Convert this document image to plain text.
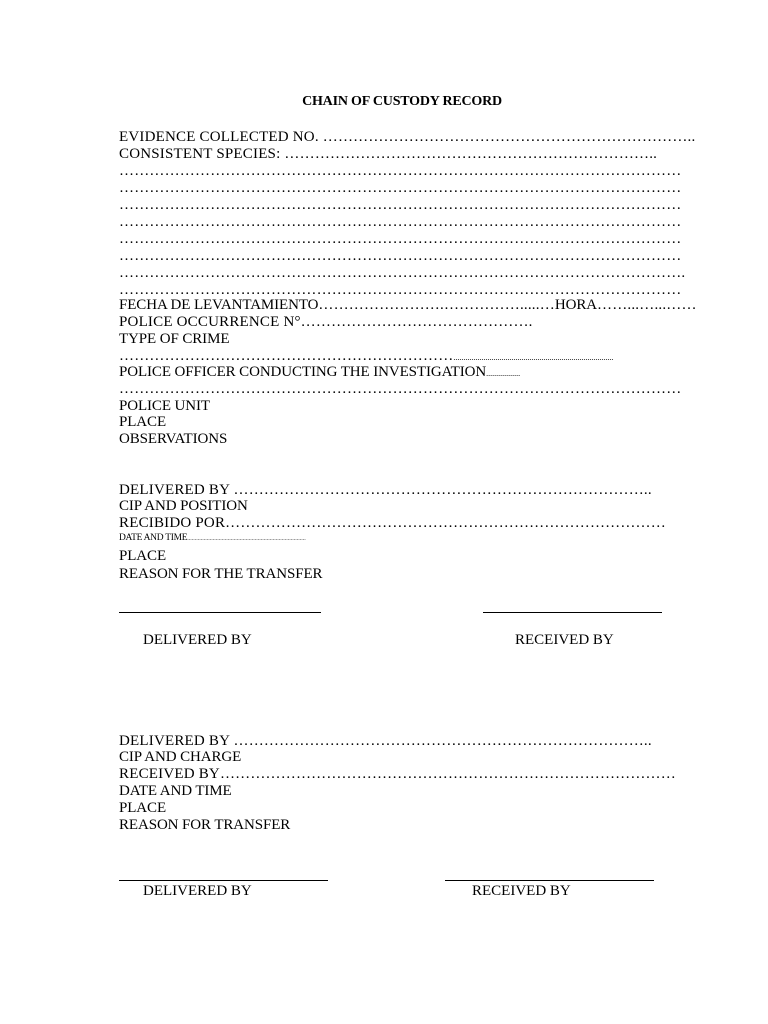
CHAIN OF CUSTODY RECORD
EVIDENCE COLLECTED NO. ………………………………………………………………..
CONSISTENT SPECIES: ………………………………………………………………..
…………………………………………………………………………………………………
…………………………………………………………………………………………………
…………………………………………………………………………………………………
…………………………………………………………………………………………………
…………………………………………………………………………………………………
…………………………………………………………………………………………………
………………………………………………………………………………………………….
…………………………………………………………………………………………………
FECHA DE LEVANTAMIENTO…………………….…………….....…HORA……...…...……
POLICE OCCURRENCE N°……………………………………….
TYPE OF CRIME
…………………………………………………………................................................................................
POLICE OFFICER CONDUCTING THE INVESTIGATION.................
…………………………………………………………………………………………………
POLICE UNIT
PLACE
OBSERVATIONS
DELIVERED BY ………………………………………………………………………..
CIP AND POSITION
RECIBIDO POR……………………………………………………………………………
DATE AND TIME...............................................................................
PLACE
REASON FOR THE TRANSFER
DELIVERED BY	RECEIVED BY
DELIVERED BY ………………………………………………………………………..
CIP AND CHARGE
RECEIVED BY………………………………………………………………………………
DATE AND TIME
PLACE
REASON FOR TRANSFER
DELIVERED BY	RECEIVED BY
